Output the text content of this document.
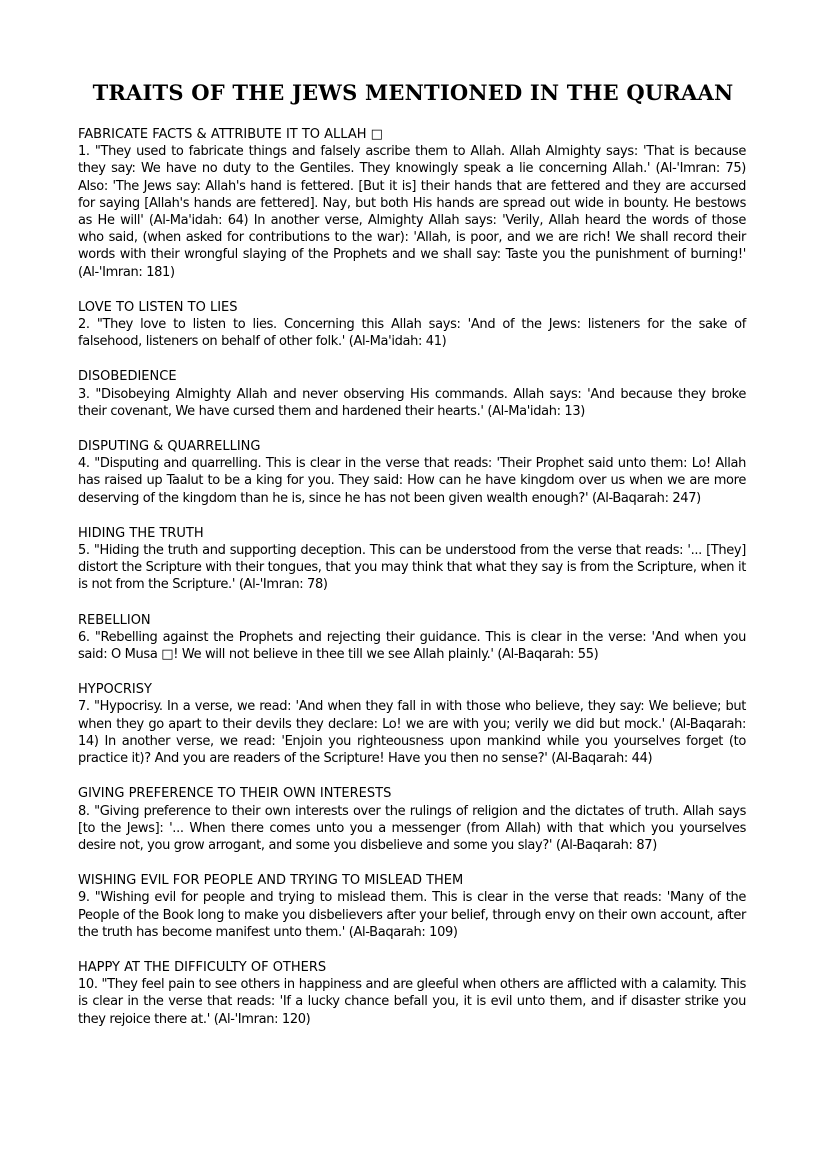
TRAITS OF THE JEWS MENTIONED IN THE QURAAN
FABRICATE FACTS & ATTRIBUTE IT TO ALLAH □

1. "They used to fabricate things and falsely ascribe them to Allah. Allah Almighty says: 'That is because they say: We have no duty to the Gentiles. They knowingly speak a lie concerning Allah.' (Al-'Imran: 75) Also: 'The Jews say: Allah's hand is fettered. [But it is] their hands that are fettered and they are accursed for saying [Allah's hands are fettered]. Nay, but both His hands are spread out wide in bounty. He bestows as He will' (Al-Ma'idah: 64) In another verse, Almighty Allah says: 'Verily, Allah heard the words of those who said, (when asked for contributions to the war): 'Allah, is poor, and we are rich! We shall record their words with their wrongful slaying of the Prophets and we shall say: Taste you the punishment of burning!' (Al-'Imran: 181)

LOVE TO LISTEN TO LIES

2. "They love to listen to lies. Concerning this Allah says: 'And of the Jews: listeners for the sake of falsehood, listeners on behalf of other folk.' (Al-Ma'idah: 41)

DISOBEDIENCE

3. "Disobeying Almighty Allah and never observing His commands. Allah says: 'And because they broke their covenant, We have cursed them and hardened their hearts.' (Al-Ma'idah: 13)

DISPUTING & QUARRELLING

4. "Disputing and quarrelling. This is clear in the verse that reads: 'Their Prophet said unto them: Lo! Allah has raised up Taalut to be a king for you. They said: How can he have kingdom over us when we are more deserving of the kingdom than he is, since he has not been given wealth enough?' (Al-Baqarah: 247)

HIDING THE TRUTH

5. "Hiding the truth and supporting deception. This can be understood from the verse that reads: '... [They] distort the Scripture with their tongues, that you may think that what they say is from the Scripture, when it is not from the Scripture.' (Al-'Imran: 78)

REBELLION

6. "Rebelling against the Prophets and rejecting their guidance. This is clear in the verse: 'And when you said: O Musa □! We will not believe in thee till we see Allah plainly.' (Al-Baqarah: 55)

HYPOCRISY

7. "Hypocrisy. In a verse, we read: 'And when they fall in with those who believe, they say: We believe; but when they go apart to their devils they declare: Lo! we are with you; verily we did but mock.' (Al-Baqarah: 14) In another verse, we read: 'Enjoin you righteousness upon mankind while you yourselves forget (to practice it)? And you are readers of the Scripture! Have you then no sense?' (Al-Baqarah: 44)

GIVING PREFERENCE TO THEIR OWN INTERESTS

8. "Giving preference to their own interests over the rulings of religion and the dictates of truth. Allah says [to the Jews]: '... When there comes unto you a messenger (from Allah) with that which you yourselves desire not, you grow arrogant, and some you disbelieve and some you slay?' (Al-Baqarah: 87)

WISHING EVIL FOR PEOPLE AND TRYING TO MISLEAD THEM

9. "Wishing evil for people and trying to mislead them. This is clear in the verse that reads: 'Many of the People of the Book long to make you disbelievers after your belief, through envy on their own account, after the truth has become manifest unto them.' (Al-Baqarah: 109)

HAPPY AT THE DIFFICULTY OF OTHERS

10. "They feel pain to see others in happiness and are gleeful when others are afflicted with a calamity. This is clear in the verse that reads: 'If a lucky chance befall you, it is evil unto them, and if disaster strike you they rejoice there at.' (Al-'Imran: 120)
